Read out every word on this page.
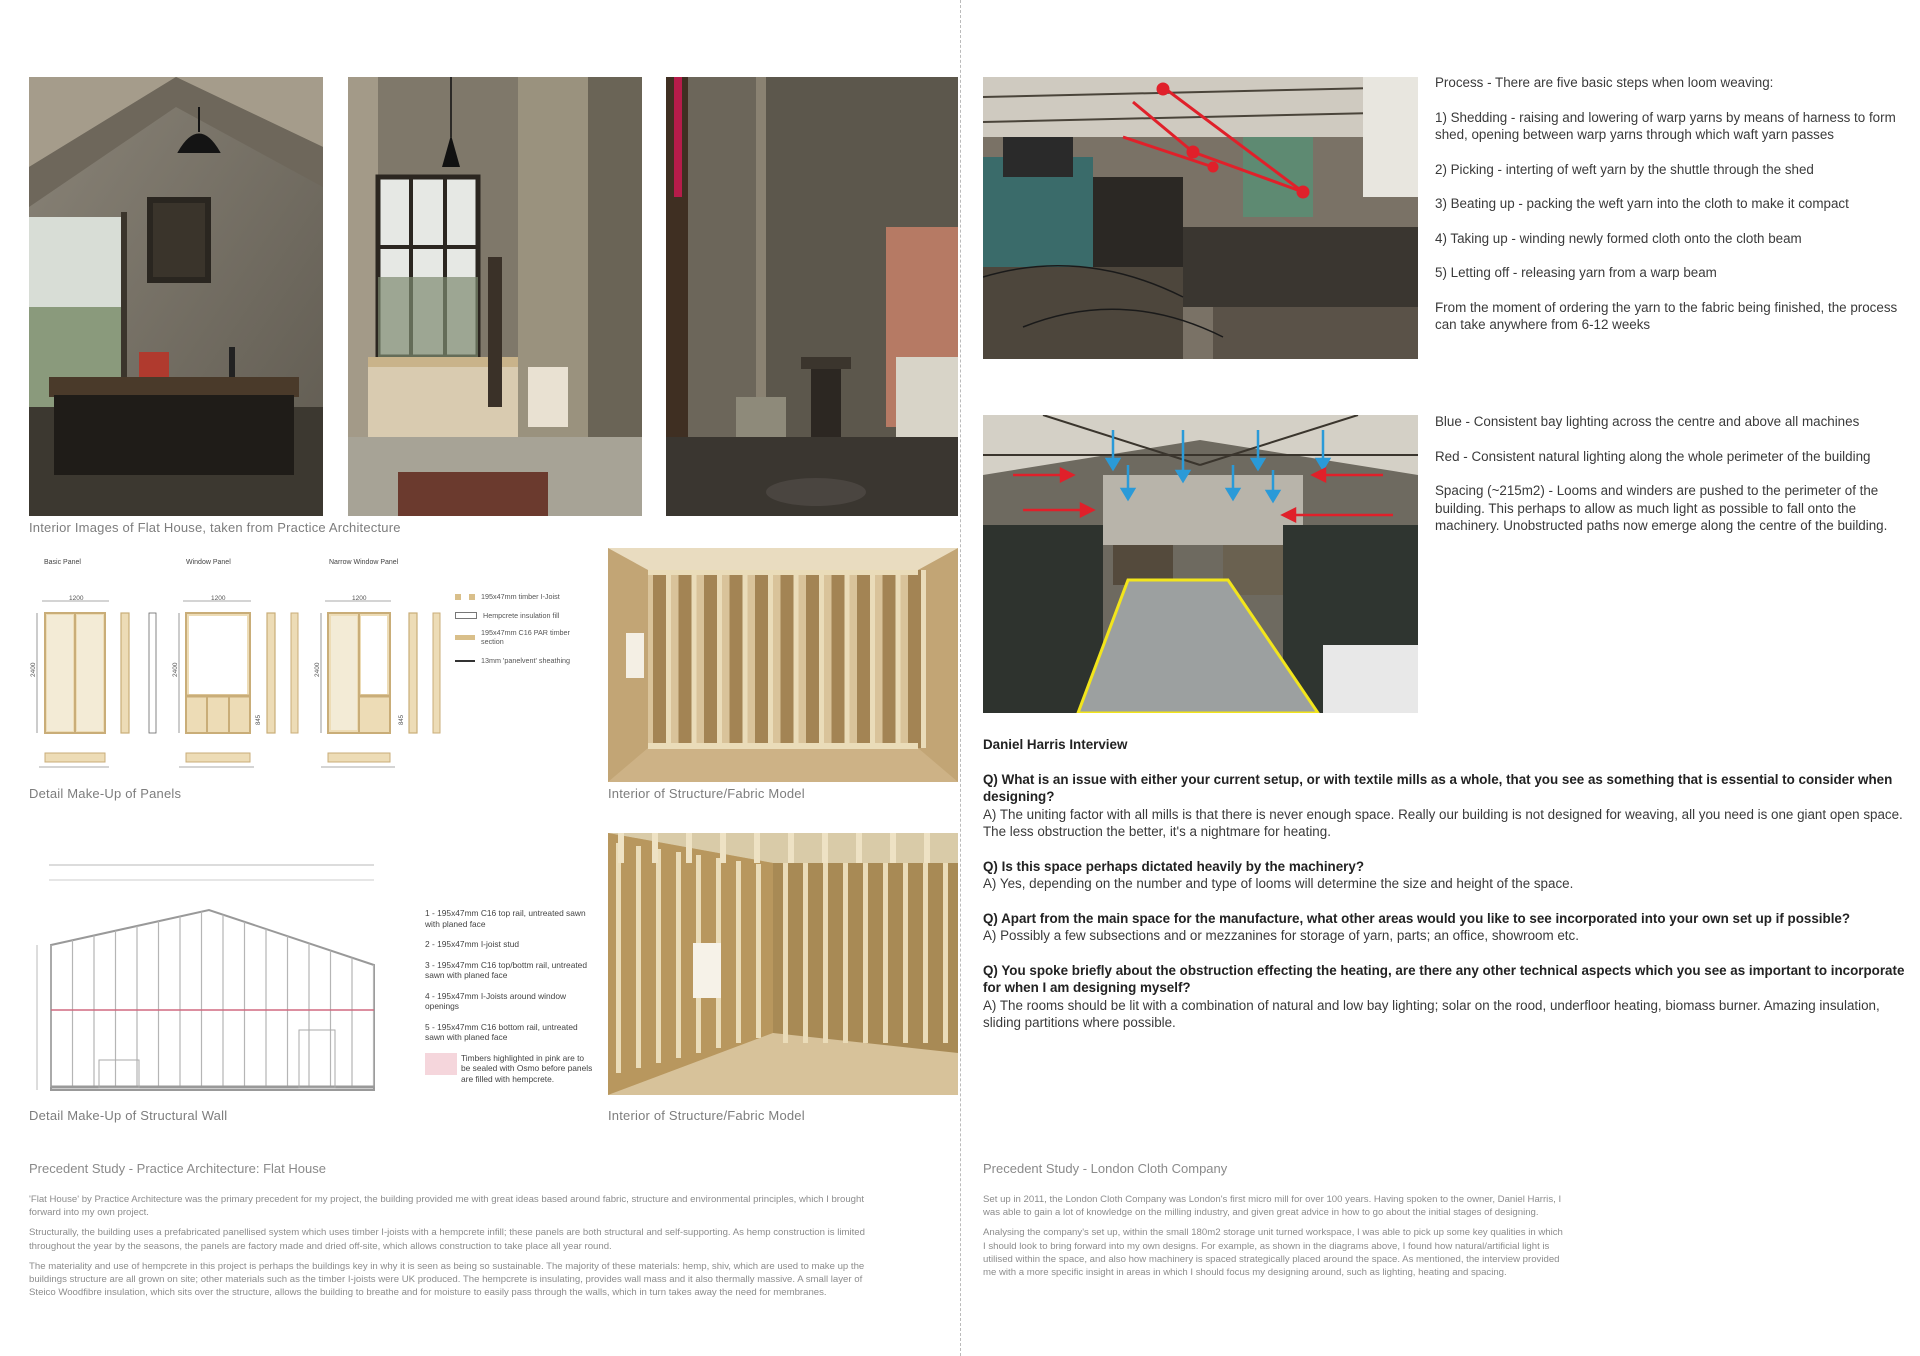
Interior Images of Flat House, taken from Practice Architecture
Basic Panel
1200
2400
Window Panel
1200
2400
845
Narrow Window Panel
1200
2400
845
195x47mm timber I-Joist
Hempcrete insulation fill
195x47mm C16 PAR timber section
13mm 'panelvent' sheathing
Detail Make-Up of Panels	Interior of Structure/Fabric Model
1 - 195x47mm C16 top rail, untreated sawn with planed face
2 - 195x47mm I-joist stud
3 - 195x47mm C16 top/bottm rail, untreated sawn with planed face
4 - 195x47mm I-Joists around window openings
5 - 195x47mm C16 bottom rail, untreated sawn with planed face
Timbers highlighted in pink are to be sealed with Osmo before panels are filled with hempcrete.
Detail Make-Up of Structural Wall	Interior of Structure/Fabric Model
Precedent Study - Practice Architecture: Flat House

'Flat House' by Practice Architecture was the primary precedent for my project, the building provided me with great ideas based around fabric, structure and environmental principles, which I brought forward into my own project.

Structurally, the building uses a prefabricated panellised system which uses timber I-joists with a hempcrete infill; these panels are both structural and self-supporting. As hemp construction is limited throughout the year by the seasons, the panels are factory made and dried off-site, which allows construction to take place all year round.

The materiality and use of hempcrete in this project is perhaps the buildings key in why it is seen as being so sustainable. The majority of these materials: hemp, shiv, which are used to make up the buildings structure are all grown on site; other materials such as the timber I-joists were UK produced. The hempcrete is insulating, provides wall mass and it also thermally massive. A small layer of Steico Woodfibre insulation, which sits over the structure, allows the building to breathe and for moisture to easily pass through the walls, which in turn takes away the need for membranes.

Process - There are five basic steps when loom weaving:

1) Shedding - raising and lowering of warp yarns by means of harness to form shed, opening between warp yarns through which waft yarn passes

2) Picking - interting of weft yarn by the shuttle through the shed

3) Beating up - packing the weft yarn into the cloth to make it compact

4) Taking up - winding newly formed cloth onto the cloth beam

5) Letting off - releasing yarn from a warp beam

From the moment of ordering the yarn to the fabric being finished, the process can take anywhere from 6-12 weeks

Blue - Consistent bay lighting across the centre and above all machines

Red - Consistent natural lighting along the whole perimeter of the building

Spacing (~215m2) - Looms and winders are pushed to the perimeter of the building. This perhaps to allow as much light as possible to fall onto the machinery. Unobstructed paths now emerge along the centre of the building.

Daniel Harris Interview

Q) What is an issue with either your current setup, or with textile mills as a whole, that you see as something that is essential to consider when designing?
A) The uniting factor with all mills is that there is never enough space. Really our building is not designed for weaving, all you need is one giant open space. The less obstruction the better, it's a nightmare for heating.

Q) Is this space perhaps dictated heavily by the machinery?
A) Yes, depending on the number and type of looms will determine the size and height of the space.

Q) Apart from the main space for the manufacture, what other areas would you like to see incorporated into your own set up if possible?
A) Possibly a few subsections and or mezzanines for storage of yarn, parts; an office, showroom etc.

Q) You spoke briefly about the obstruction effecting the heating, are there any other technical aspects which you see as important to incorporate for when I am designing myself?
A) The rooms should be lit with a combination of natural and low bay lighting; solar on the rood, underfloor heating, biomass burner. Amazing insulation, sliding partitions where possible.

Precedent Study - London Cloth Company

Set up in 2011, the London Cloth Company was London's first micro mill for over 100 years. Having spoken to the owner, Daniel Harris, I was able to gain a lot of knowledge on the milling industry, and given great advice in how to go about the initial stages of designing.

Analysing the company's set up, within the small 180m2 storage unit turned workspace, I was able to pick up some key qualities in which I should look to bring forward into my own designs. For example, as shown in the diagrams above, I found how natural/artificial light is utilised within the space, and also how machinery is spaced strategically placed around the space. As mentioned, the interview provided me with a more specific insight in areas in which I should focus my designing around, such as lighting, heating and spacing.
